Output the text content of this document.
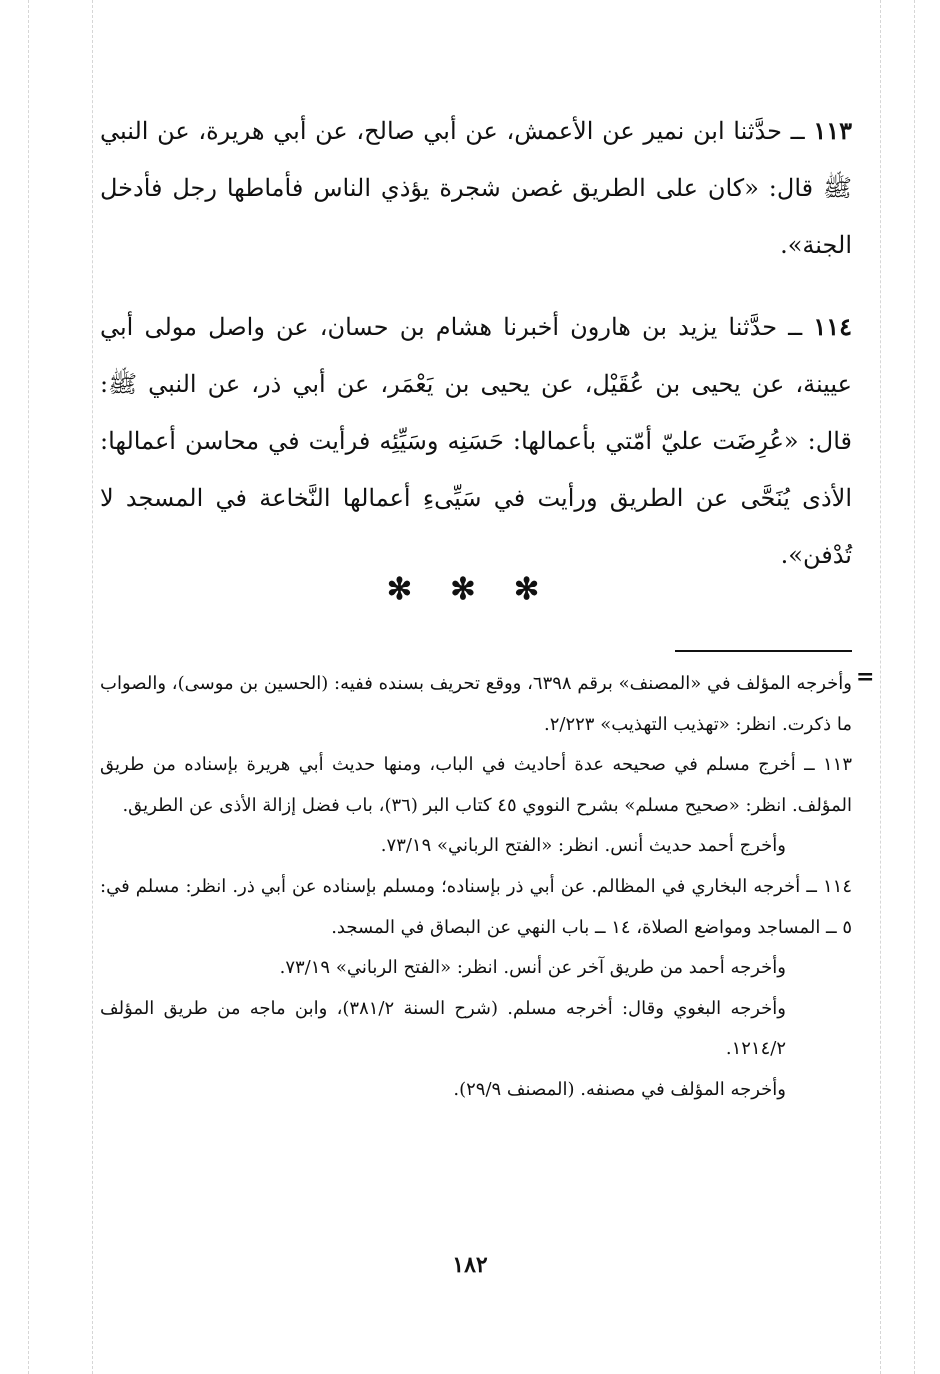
١١٣ ــ حدَّثنا ابن نمير عن الأعمش، عن أبي صالح، عن أبي هريرة، عن النبي ﷺ قال: «كان على الطريق غصن شجرة يؤذي الناس فأماطها رجل فأدخل الجنة».

١١٤ ــ حدَّثنا يزيد بن هارون أخبرنا هشام بن حسان، عن واصل مولى أبي عيينة، عن يحيى بن عُقَيْل، عن يحيى بن يَعْمَر، عن أبي ذر، عن النبي ﷺ: قال: «عُرِضَت عليّ أمّتي بأعمالها: حَسَنِه وسَيِّئِه فرأيت في محاسن أعمالها: الأذى يُنَحَّى عن الطريق ورأيت في سَيِّىءِ أعمالها النَّخاعة في المسجد لا تُدْفن».

✻ ✻ ✻
=

وأخرجه المؤلف في «المصنف» برقم ٦٣٩٨، ووقع تحريف بسنده ففيه: (الحسين بن موسى)، والصواب ما ذكرت. انظر: «تهذيب التهذيب» ٢/٢٢٣.

١١٣ ــ أخرج مسلم في صحيحه عدة أحاديث في الباب، ومنها حديث أبي هريرة بإسناده من طريق المؤلف. انظر: «صحيح مسلم» بشرح النووي ٤٥ كتاب البر (٣٦)، باب فضل إزالة الأذى عن الطريق.

وأخرج أحمد حديث أنس. انظر: «الفتح الرباني» ٧٣/١٩.

١١٤ ــ أخرجه البخاري في المظالم. عن أبي ذر بإسناده؛ ومسلم بإسناده عن أبي ذر. انظر: مسلم في: ٥ ــ المساجد ومواضع الصلاة، ١٤ ــ باب النهي عن البصاق في المسجد.

وأخرجه أحمد من طريق آخر عن أنس. انظر: «الفتح الرباني» ٧٣/١٩.

وأخرجه البغوي وقال: أخرجه مسلم. (شرح السنة ٣٨١/٢)، وابن ماجه من طريق المؤلف ١٢١٤/٢.

وأخرجه المؤلف في مصنفه. (المصنف ٢٩/٩).

١٨٢
